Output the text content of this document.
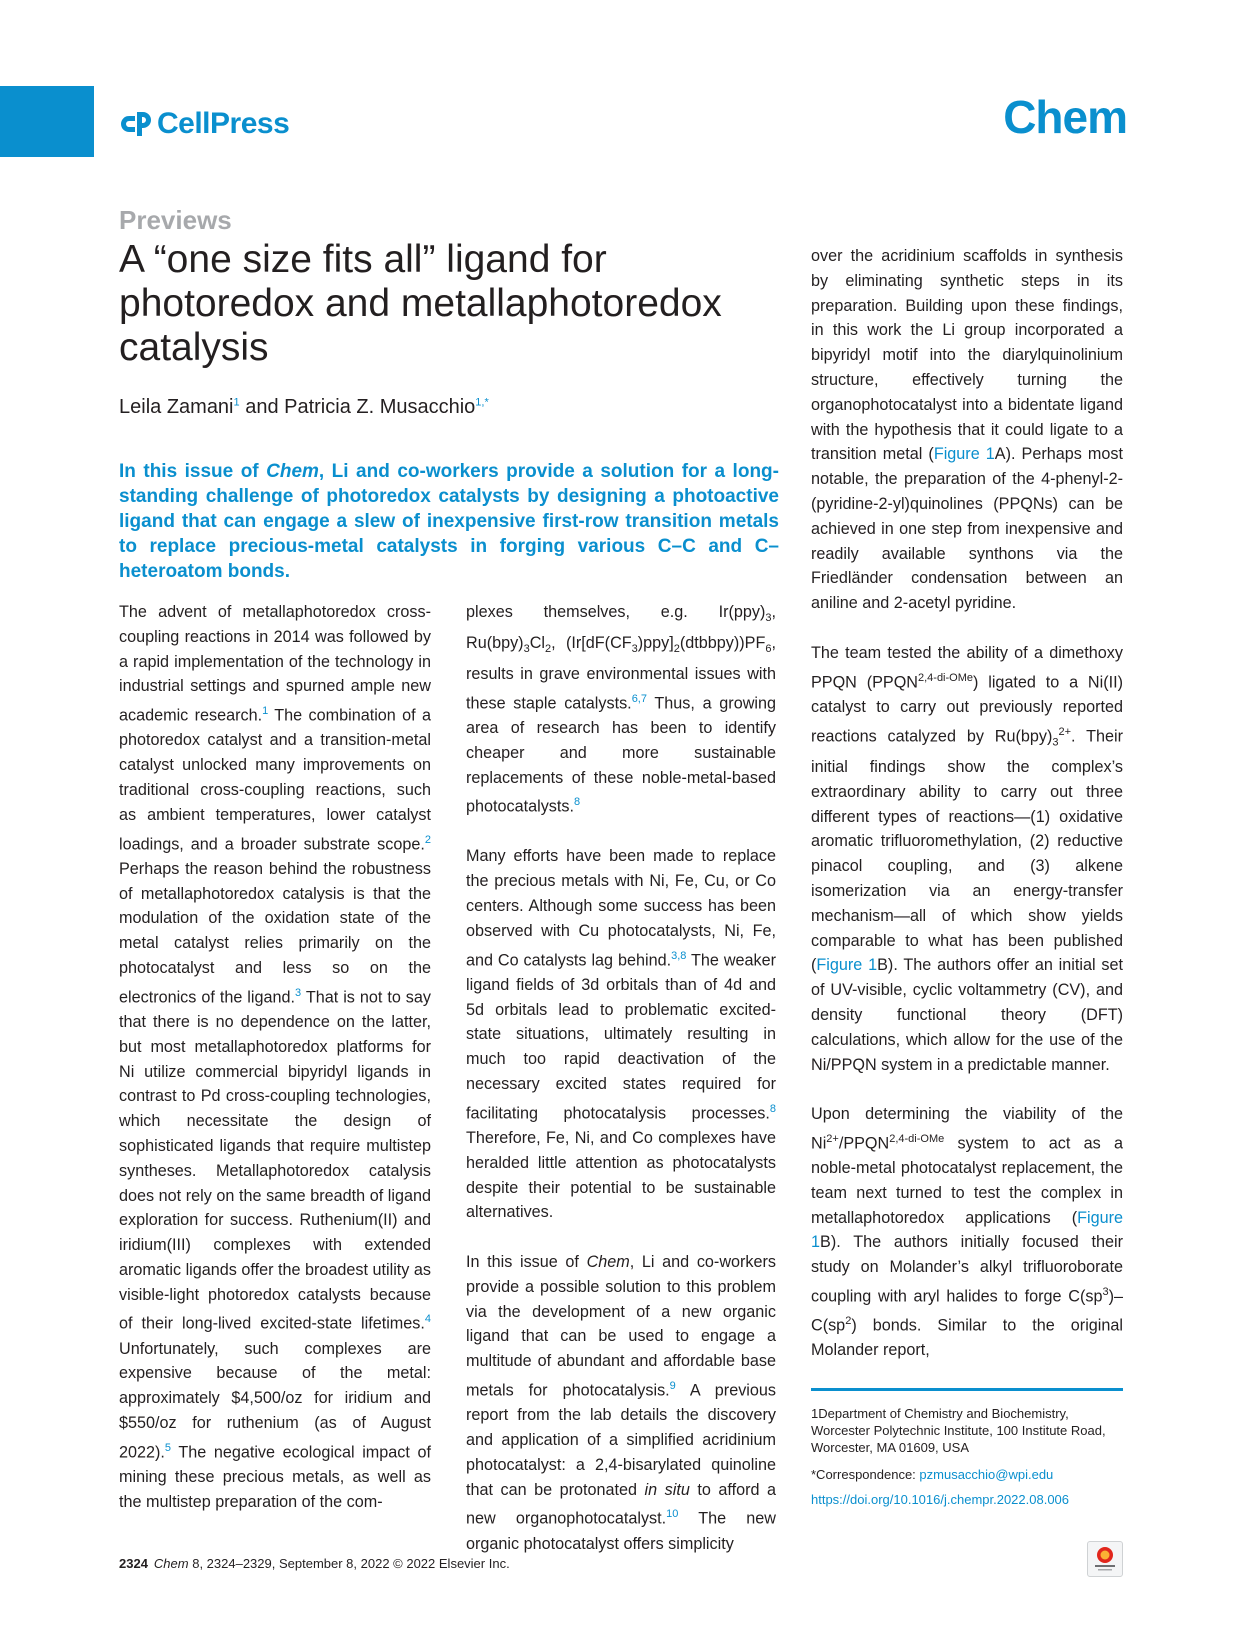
CellPress	Chem
Previews
A “one size fits all” ligand for photoredox and metallaphotoredox catalysis
Leila Zamani$^1$ and Patricia Z. Musacchio$^{1,*}$

In this issue of Chem, Li and co-workers provide a solution for a long-standing challenge of photoredox catalysts by designing a photoactive ligand that can engage a slew of inexpensive first-row transition metals to replace precious-metal catalysts in forging various C–C and C–heteroatom bonds.

The advent of metallaphotoredox cross-coupling reactions in 2014 was followed by a rapid implementation of the technology in industrial settings and spurned ample new academic research.$^1$ The combination of a photoredox catalyst and a transition-metal catalyst unlocked many improvements on traditional cross-coupling reactions, such as ambient temperatures, lower catalyst loadings, and a broader substrate scope.$^2$ Perhaps the reason behind the robustness of metallaphotoredox catalysis is that the modulation of the oxidation state of the metal catalyst relies primarily on the photocatalyst and less so on the electronics of the ligand.$^3$ That is not to say that there is no dependence on the latter, but most metallaphotoredox platforms for Ni utilize commercial bipyridyl ligands in contrast to Pd cross-coupling technologies, which necessitate the design of sophisticated ligands that require multistep syntheses. Metallaphotoredox catalysis does not rely on the same breadth of ligand exploration for success. Ruthenium(II) and iridium(III) complexes with extended aromatic ligands offer the broadest utility as visible-light photoredox catalysts because of their long-lived excited-state lifetimes.$^4$ Unfortunately, such complexes are expensive because of the metal: approximately $4,500/oz for iridium and $550/oz for ruthenium (as of August 2022).$^5$ The negative ecological impact of mining these precious metals, as well as the multistep preparation of the com-

plexes themselves, e.g. $Ir(ppy)_3$, $Ru(bpy)_3Cl_2$, $(Ir[dF(CF_3)ppy]_2(dtbbpy))PF_6$, results in grave environmental issues with these staple catalysts.$^{6,7}$ Thus, a growing area of research has been to identify cheaper and more sustainable replacements of these noble-metal-based photocatalysts.$^8$

Many efforts have been made to replace the precious metals with Ni, Fe, Cu, or Co centers. Although some success has been observed with Cu photocatalysts, Ni, Fe, and Co catalysts lag behind.$^{3,8}$ The weaker ligand fields of 3d orbitals than of 4d and 5d orbitals lead to problematic excited-state situations, ultimately resulting in much too rapid deactivation of the necessary excited states required for facilitating photocatalysis processes.$^8$ Therefore, Fe, Ni, and Co complexes have heralded little attention as photocatalysts despite their potential to be sustainable alternatives.

In this issue of Chem, Li and co-workers provide a possible solution to this problem via the development of a new organic ligand that can be used to engage a multitude of abundant and affordable base metals for photocatalysis.$^9$ A previous report from the lab details the discovery and application of a simplified acridinium photocatalyst: a 2,4-bisarylated quinoline that can be protonated in situ to afford a new organophotocatalyst.$^{10}$ The new organic photocatalyst offers simplicity

over the acridinium scaffolds in synthesis by eliminating synthetic steps in its preparation. Building upon these findings, in this work the Li group incorporated a bipyridyl motif into the diarylquinolinium structure, effectively turning the organophotocatalyst into a bidentate ligand with the hypothesis that it could ligate to a transition metal (Figure 1A). Perhaps most notable, the preparation of the 4-phenyl-2-(pyridine-2-yl)quinolines (PPQNs) can be achieved in one step from inexpensive and readily available synthons via the Friedländer condensation between an aniline and 2-acetyl pyridine.

The team tested the ability of a dimethoxy PPQN $(PPQN^{2,4-di-OMe})$ ligated to a Ni(II) catalyst to carry out previously reported reactions catalyzed by $Ru(bpy)_3^{2+}$. Their initial findings show the complex’s extraordinary ability to carry out three different types of reactions—(1) oxidative aromatic trifluoromethylation, (2) reductive pinacol coupling, and (3) alkene isomerization via an energy-transfer mechanism—all of which show yields comparable to what has been published (Figure 1B). The authors offer an initial set of UV-visible, cyclic voltammetry (CV), and density functional theory (DFT) calculations, which allow for the use of the Ni/PPQN system in a predictable manner.

Upon determining the viability of the $Ni^{2+}/PPQN^{2,4-di-OMe}$ system to act as a noble-metal photocatalyst replacement, the team next turned to test the complex in metallaphotoredox applications (Figure 1B). The authors initially focused their study on Molander’s alkyl trifluoroborate coupling with aryl halides to forge $C(sp^3)-C(sp^2)$ bonds. Similar to the original Molander report,

1Department of Chemistry and Biochemistry, Worcester Polytechnic Institute, 100 Institute Road, Worcester, MA 01609, USA
*Correspondence: pzmusacchio@wpi.edu
https://doi.org/10.1016/j.chempr.2022.08.006
2324 Chem 8, 2324–2329, September 8, 2022 © 2022 Elsevier Inc.
